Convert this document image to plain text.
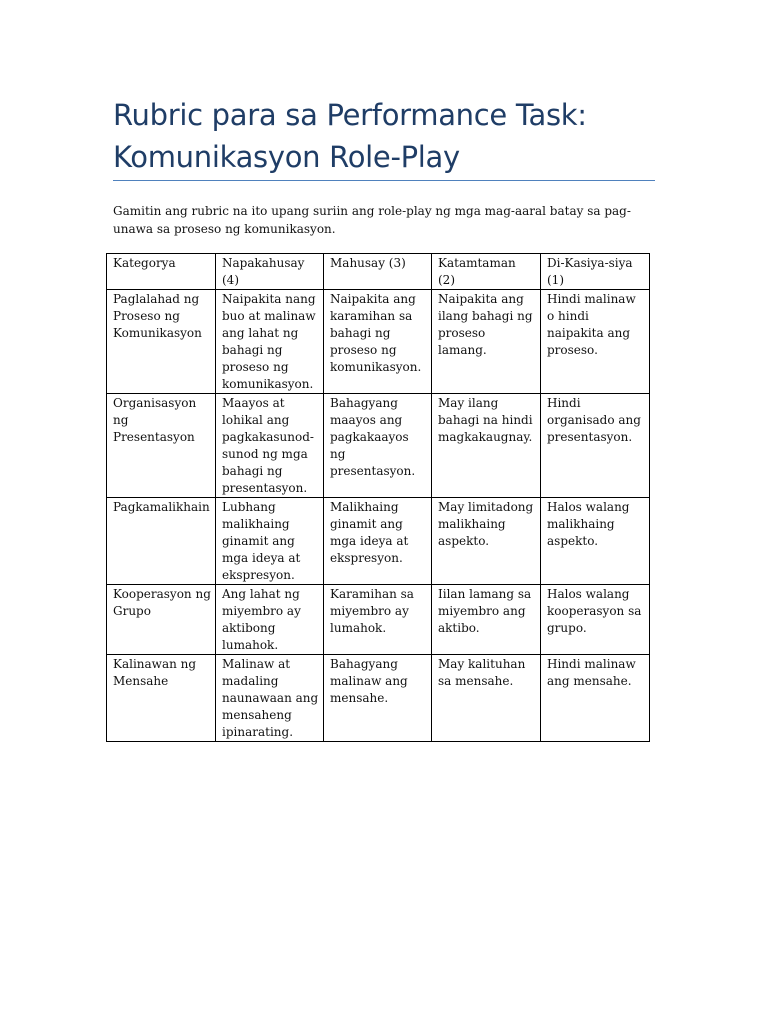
Rubric para sa Performance Task: Komunikasyon Role-Play

Gamitin ang rubric na ito upang suriin ang role-play ng mga mag-aaral batay sa pag-unawa sa proseso ng komunikasyon.

Kategorya	Napakahusay (4)	Mahusay (3)	Katamtaman (2)	Di-Kasiya-siya (1)
Paglalahad ng Proseso ng Komunikasyon	Naipakita nang buo at malinaw ang lahat ng bahagi ng proseso ng komunikasyon.	Naipakita ang karamihan sa bahagi ng proseso ng komunikasyon.	Naipakita ang ilang bahagi ng proseso lamang.	Hindi malinaw o hindi naipakita ang proseso.
Organisasyon ng Presentasyon	Maayos at lohikal ang pagkakasunod-sunod ng mga bahagi ng presentasyon.	Bahagyang maayos ang pagkakaayos ng presentasyon.	May ilang bahagi na hindi magkakaugnay.	Hindi organisado ang presentasyon.
Pagkamalikhain	Lubhang malikhaing ginamit ang mga ideya at ekspresyon.	Malikhaing ginamit ang mga ideya at ekspresyon.	May limitadong malikhaing aspekto.	Halos walang malikhaing aspekto.
Kooperasyon ng Grupo	Ang lahat ng miyembro ay aktibong lumahok.	Karamihan sa miyembro ay lumahok.	Iilan lamang sa miyembro ang aktibo.	Halos walang kooperasyon sa grupo.
Kalinawan ng Mensahe	Malinaw at madaling naunawaan ang mensaheng ipinarating.	Bahagyang malinaw ang mensahe.	May kalituhan sa mensahe.	Hindi malinaw ang mensahe.
